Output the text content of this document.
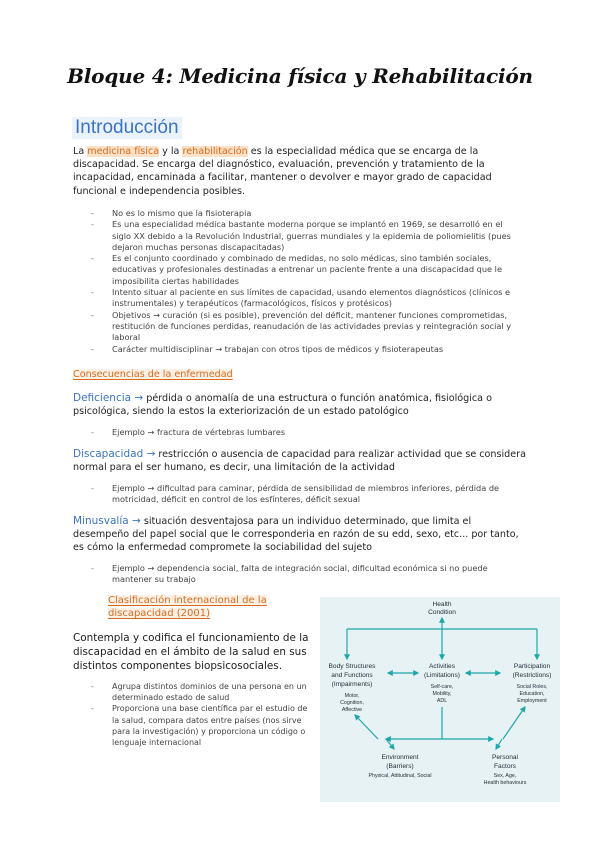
Bloque 4: Medicina física y Rehabilitación
Introducción
La medicina física y la rehabilitación es la especialidad médica que se encarga de la discapacidad. Se encarga del diagnóstico, evaluación, prevención y tratamiento de la incapacidad, encaminada a facilitar, mantener o devolver e mayor grado de capacidad funcional e independencia posibles.
- No es lo mismo que la fisioterapia
- Es una especialidad médica bastante moderna porque se implantó en 1969, se desarrolló en el siglo XX debido a la Revolución Industrial, guerras mundiales y la epidemia de poliomielitis (pues dejaron muchas personas discapacitadas)
- Es el conjunto coordinado y combinado de medidas, no solo médicas, sino también sociales, educativas y profesionales destinadas a entrenar un paciente frente a una discapacidad que le imposibilita ciertas habilidades
- Intento situar al paciente en sus límites de capacidad, usando elementos diagnósticos (clínicos e instrumentales) y terapéuticos (farmacológicos, físicos y protésicos)
- Objetivos → curación (si es posible), prevención del déficit, mantener funciones comprometidas, restitución de funciones perdidas, reanudación de las actividades previas y reintegración social y laboral
- Carácter multidisciplinar → trabajan con otros tipos de médicos y fisioterapeutas
Consecuencias de la enfermedad
Deficiencia → pérdida o anomalía de una estructura o función anatómica, fisiológica o psicológica, siendo la estos la exteriorización de un estado patológico
- Ejemplo → fractura de vértebras lumbares
Discapacidad → restricción o ausencia de capacidad para realizar actividad que se considera normal para el ser humano, es decir, una limitación de la actividad
- Ejemplo → dificultad para caminar, pérdida de sensibilidad de miembros inferiores, pérdida de motricidad, déficit en control de los esfínteres, déficit sexual
Minusvalía → situación desventajosa para un individuo determinado, que limita el desempeño del papel social que le corresponderia en razón de su edd, sexo, etc... por tanto, es cómo la enfermedad compromete la sociabilidad del sujeto
- Ejemplo → dependencia social, falta de integración social, dificultad económica si no puede mantener su trabajo
Clasificación internacional de la discapacidad (2001)
Contempla y codifica el funcionamiento de la discapacidad en el ámbito de la salud en sus distintos componentes biopsicosociales.
- Agrupa distintos dominios de una persona en un determinado estado de salud
- Proporciona una base científica par el estudio de la salud, compara datos entre países (nos sirve para la investigación) y proporciona un código o lenguaje internacional
Health
Condition
Body Structures
and Functions
(Impairments)
Motor,
Cognition,
Affective
Activities
(Limitations)
Self-care,
Mobility,
ADL
Participation
(Restrictions)
Social Roles,
Education,
Employment
Environment
(Barriers)
Physical, Attitudinal, Social
Personal
Factors
Sex, Age,
Health behaviours
